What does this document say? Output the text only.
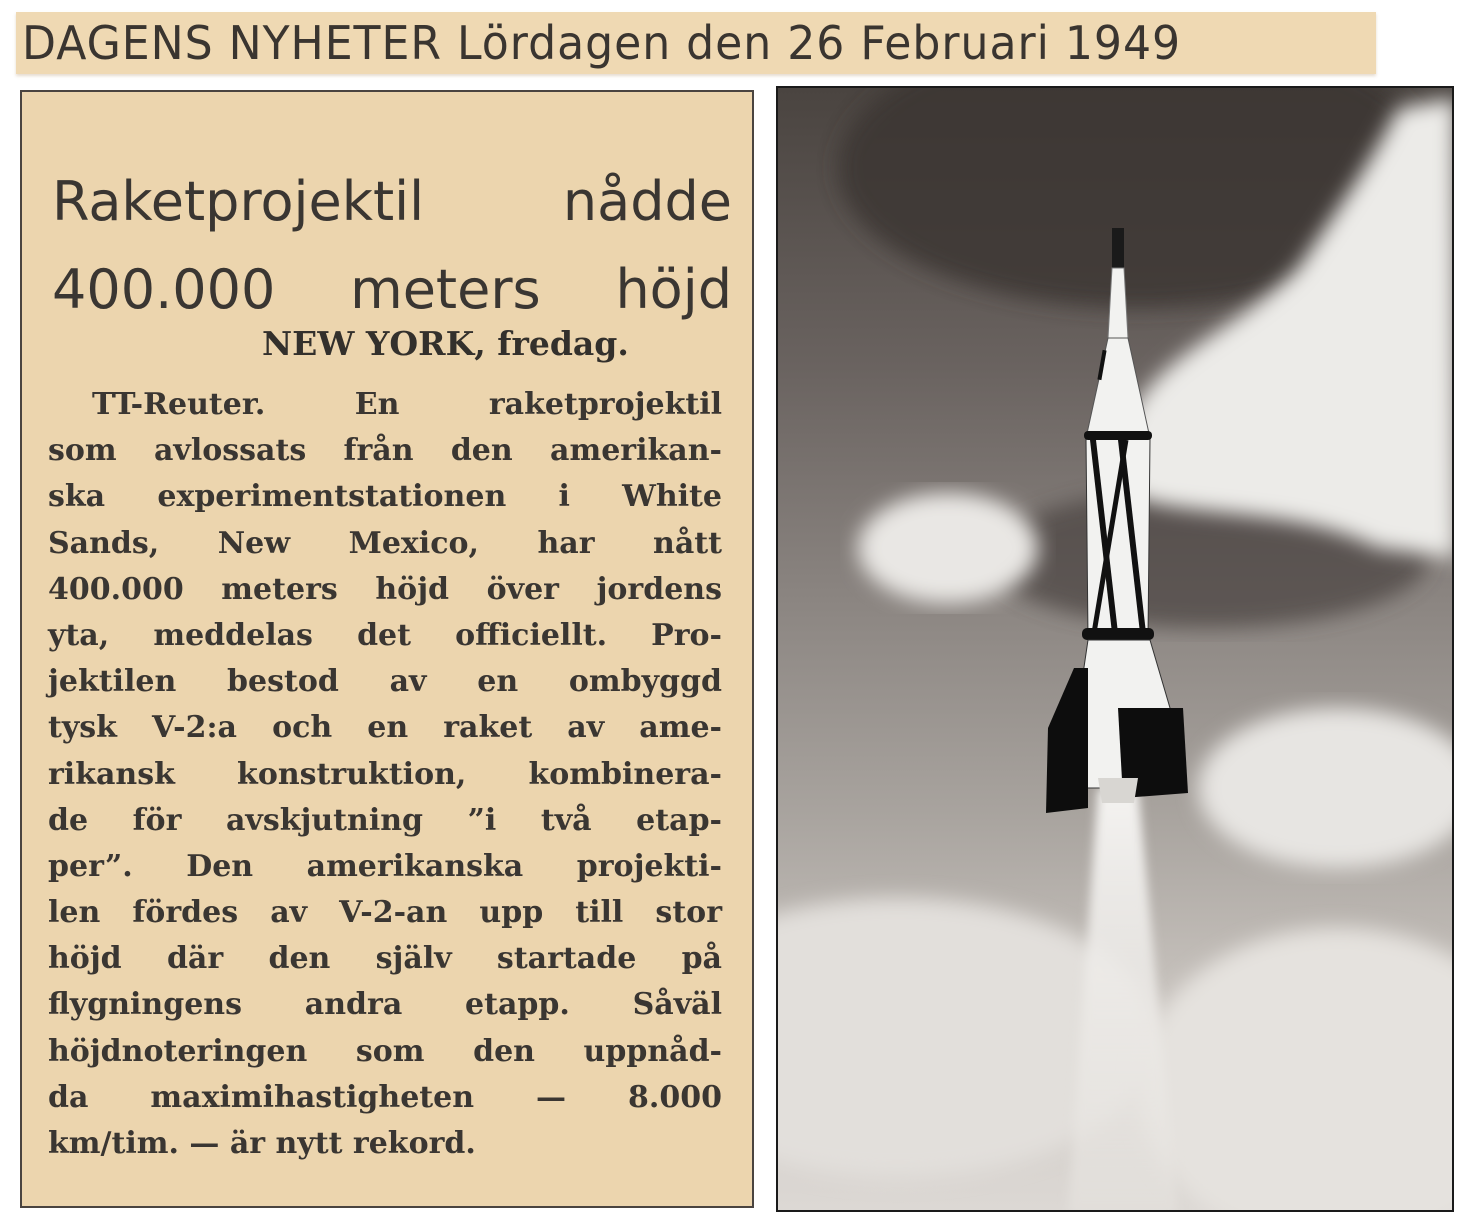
DAGENS NYHETER Lördagen den 26 Februari 1949
Raketprojektil nådde
400.000 meters höjd
NEW YORK, fredag.
TT-Reuter. En raketprojektil
som avlossats från den amerikan-
ska experimentstationen i White
Sands, New Mexico, har nått
400.000 meters höjd över jordens
yta, meddelas det officiellt. Pro-
jektilen bestod av en ombyggd
tysk V-2:a och en raket av ame-
rikansk konstruktion, kombinera-
de för avskjutning ”i två etap-
per”. Den amerikanska projekti-
len fördes av V-2-an upp till stor
höjd där den själv startade på
flygningens andra etapp. Såväl
höjdnoteringen som den uppnåd-
da maximihastigheten — 8.000
km/tim. — är nytt rekord.
